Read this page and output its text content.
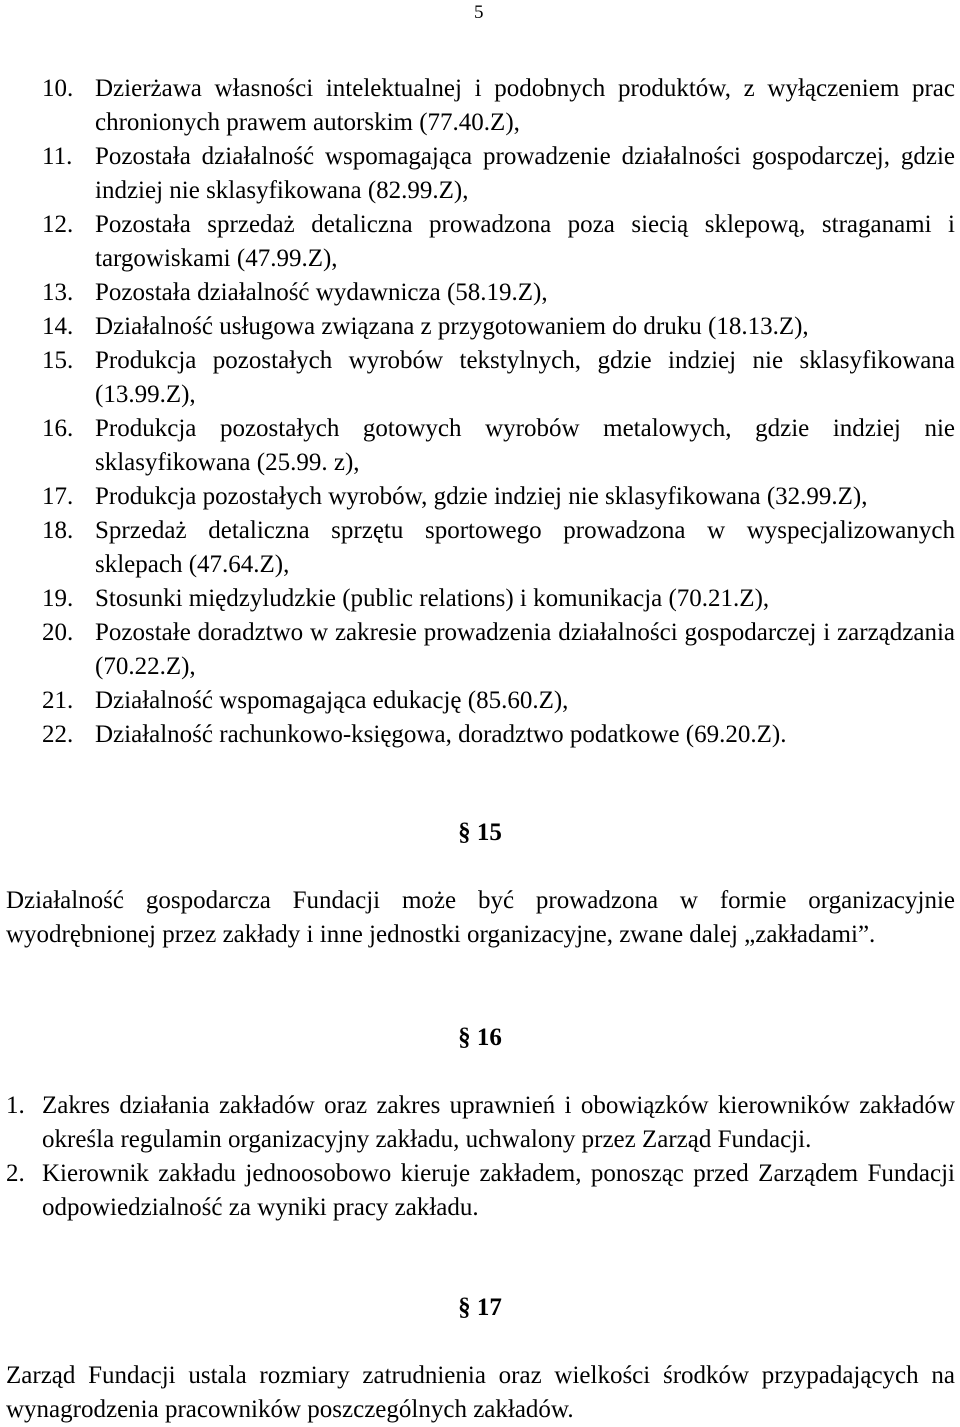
5
10. Dzierżawa własności intelektualnej i podobnych produktów, z wyłączeniem prac chronionych prawem autorskim (77.40.Z),
11. Pozostała działalność wspomagająca prowadzenie działalności gospodarczej, gdzie indziej nie sklasyfikowana (82.99.Z),
12. Pozostała sprzedaż detaliczna prowadzona poza siecią sklepową, straganami i targowiskami (47.99.Z),
13. Pozostała działalność wydawnicza (58.19.Z),
14. Działalność usługowa związana z przygotowaniem do druku (18.13.Z),
15. Produkcja pozostałych wyrobów tekstylnych, gdzie indziej nie sklasyfikowana (13.99.Z),
16. Produkcja pozostałych gotowych wyrobów metalowych, gdzie indziej nie sklasyfikowana (25.99. z),
17. Produkcja pozostałych wyrobów, gdzie indziej nie sklasyfikowana (32.99.Z),
18. Sprzedaż detaliczna sprzętu sportowego prowadzona w wyspecjalizowanych sklepach (47.64.Z),
19. Stosunki międzyludzkie (public relations) i komunikacja (70.21.Z),
20. Pozostałe doradztwo w zakresie prowadzenia działalności gospodarczej i zarządzania (70.22.Z),
21. Działalność wspomagająca edukację (85.60.Z),
22. Działalność rachunkowo-księgowa, doradztwo podatkowe (69.20.Z).
§ 15
Działalność gospodarcza Fundacji może być prowadzona w formie organizacyjnie wyodrębnionej przez zakłady i inne jednostki organizacyjne, zwane dalej „zakładami”.
§ 16
1. Zakres działania zakładów oraz zakres uprawnień i obowiązków kierowników zakładów określa regulamin organizacyjny zakładu, uchwalony przez Zarząd Fundacji.
2. Kierownik zakładu jednoosobowo kieruje zakładem, ponosząc przed Zarządem Fundacji odpowiedzialność za wyniki pracy zakładu.
§ 17
Zarząd Fundacji ustala rozmiary zatrudnienia oraz wielkości środków przypadających na wynagrodzenia pracowników poszczególnych zakładów.
